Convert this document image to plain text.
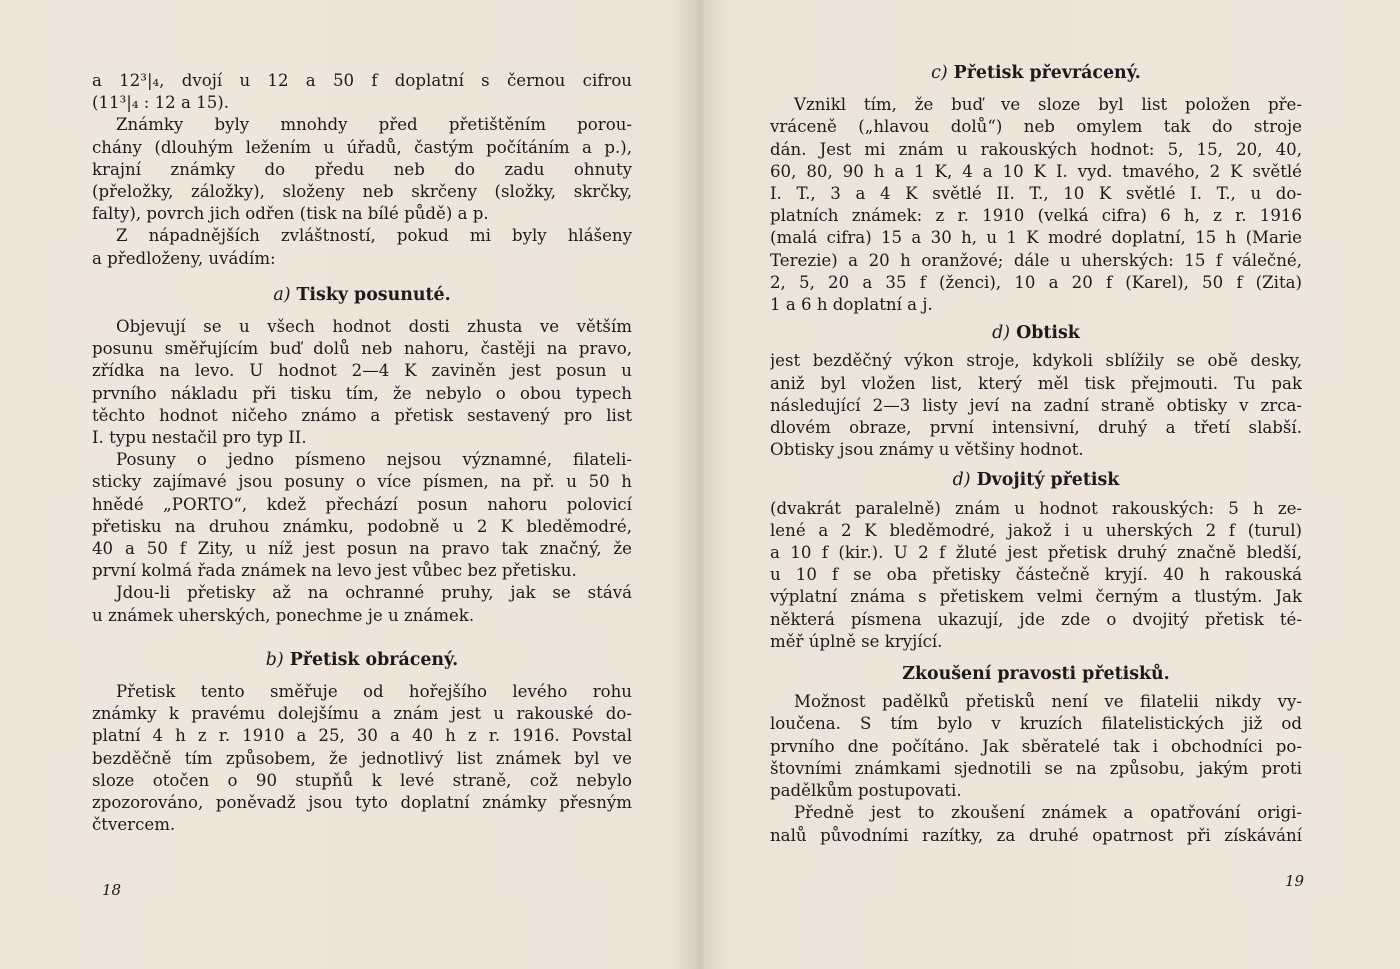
a 12³|₄, dvojí u 12 a 50 f doplatní s černou cifrou
(11³|₄ : 12 a 15).
Známky byly mnohdy před přetištěním porou-
chány (dlouhým ležením u úřadů, častým počítáním a p.),
krajní známky do předu neb do zadu ohnuty
(přeložky, záložky), složeny neb skrčeny (složky, skrčky,
falty), povrch jich odřen (tisk na bílé půdě) a p.
Z nápadnějších zvláštností, pokud mi byly hlášeny
a předloženy, uvádím:
a) Tisky posunuté.
Objevují se u všech hodnot dosti zhusta ve větším
posunu směřujícím buď dolů neb nahoru, častěji na pravo,
zřídka na levo. U hodnot 2—4 K zaviněn jest posun u
prvního nákladu při tisku tím, že nebylo o obou typech
těchto hodnot ničeho známo a přetisk sestavený pro list
I. typu nestačil pro typ II.
Posuny o jedno písmeno nejsou významné, filateli-
sticky zajímavé jsou posuny o více písmen, na př. u 50 h
hnědé „PORTO“, kdež přechází posun nahoru polovicí
přetisku na druhou známku, podobně u 2 K bleděmodré,
40 a 50 f Zity, u níž jest posun na pravo tak značný, že
první kolmá řada známek na levo jest vůbec bez přetisku.
Jdou-li přetisky až na ochranné pruhy, jak se stává
u známek uherských, ponechme je u známek.
b) Přetisk obrácený.
Přetisk tento směřuje od hořejšího levého rohu
známky k pravému dolejšímu a znám jest u rakouské do-
platní 4 h z r. 1910 a 25, 30 a 40 h z r. 1916. Povstal
bezděčně tím způsobem, že jednotlivý list známek byl ve
sloze otočen o 90 stupňů k levé straně, což nebylo
zpozorováno, poněvadž jsou tyto doplatní známky přesným
čtvercem.
18
c) Přetisk převrácený.
Vznikl tím, že buď ve sloze byl list položen pře-
vráceně („hlavou dolů“) neb omylem tak do stroje
dán. Jest mi znám u rakouských hodnot: 5, 15, 20, 40,
60, 80, 90 h a 1 K, 4 a 10 K I. vyd. tmavého, 2 K světlé
I. T., 3 a 4 K světlé II. T., 10 K světlé I. T., u do-
platních známek: z r. 1910 (velká cifra) 6 h, z r. 1916
(malá cifra) 15 a 30 h, u 1 K modré doplatní, 15 h (Marie
Terezie) a 20 h oranžové; dále u uherských: 15 f válečné,
2, 5, 20 a 35 f (ženci), 10 a 20 f (Karel), 50 f (Zita)
1 a 6 h doplatní a j.
d) Obtisk
jest bezděčný výkon stroje, kdykoli sblížily se obě desky,
aniž byl vložen list, který měl tisk přejmouti. Tu pak
následující 2—3 listy jeví na zadní straně obtisky v zrca-
dlovém obraze, první intensivní, druhý a třetí slabší.
Obtisky jsou známy u většiny hodnot.
d) Dvojitý přetisk
(dvakrát paralelně) znám u hodnot rakouských: 5 h ze-
lené a 2 K bleděmodré, jakož i u uherských 2 f (turul)
a 10 f (kir.). U 2 f žluté jest přetisk druhý značně bledší,
u 10 f se oba přetisky částečně kryjí. 40 h rakouská
výplatní známa s přetiskem velmi černým a tlustým. Jak
některá písmena ukazují, jde zde o dvojitý přetisk té-
měř úplně se kryjící.
Zkoušení pravosti přetisků.
Možnost padělků přetisků není ve filatelii nikdy vy-
loučena. S tím bylo v kruzích filatelistických již od
prvního dne počítáno. Jak sběratelé tak i obchodníci po-
štovními známkami sjednotili se na způsobu, jakým proti
padělkům postupovati.
Předně jest to zkoušení známek a opatřování origi-
nalů původními razítky, za druhé opatrnost při získávání
19
